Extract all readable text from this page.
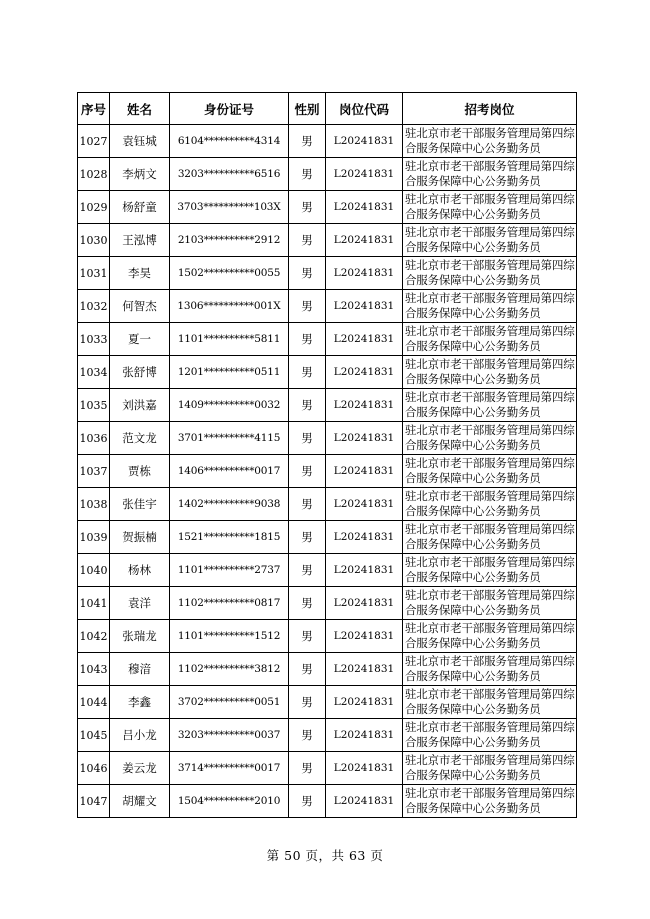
序号	姓名	身份证号	性别	岗位代码	招考岗位
1027	袁钰城	6104**********4314	男	L20241831	驻北京市老干部服务管理局第四综合服务保障中心公务勤务员
1028	李炳文	3203**********6516	男	L20241831	驻北京市老干部服务管理局第四综合服务保障中心公务勤务员
1029	杨舒童	3703**********103X	男	L20241831	驻北京市老干部服务管理局第四综合服务保障中心公务勤务员
1030	王泓博	2103**********2912	男	L20241831	驻北京市老干部服务管理局第四综合服务保障中心公务勤务员
1031	李昊	1502**********0055	男	L20241831	驻北京市老干部服务管理局第四综合服务保障中心公务勤务员
1032	何智杰	1306**********001X	男	L20241831	驻北京市老干部服务管理局第四综合服务保障中心公务勤务员
1033	夏一	1101**********5811	男	L20241831	驻北京市老干部服务管理局第四综合服务保障中心公务勤务员
1034	张舒博	1201**********0511	男	L20241831	驻北京市老干部服务管理局第四综合服务保障中心公务勤务员
1035	刘洪嘉	1409**********0032	男	L20241831	驻北京市老干部服务管理局第四综合服务保障中心公务勤务员
1036	范文龙	3701**********4115	男	L20241831	驻北京市老干部服务管理局第四综合服务保障中心公务勤务员
1037	贾栋	1406**********0017	男	L20241831	驻北京市老干部服务管理局第四综合服务保障中心公务勤务员
1038	张佳宇	1402**********9038	男	L20241831	驻北京市老干部服务管理局第四综合服务保障中心公务勤务员
1039	贺振楠	1521**********1815	男	L20241831	驻北京市老干部服务管理局第四综合服务保障中心公务勤务员
1040	杨林	1101**********2737	男	L20241831	驻北京市老干部服务管理局第四综合服务保障中心公务勤务员
1041	袁洋	1102**********0817	男	L20241831	驻北京市老干部服务管理局第四综合服务保障中心公务勤务员
1042	张瑞龙	1101**********1512	男	L20241831	驻北京市老干部服务管理局第四综合服务保障中心公务勤务员
1043	穆湆	1102**********3812	男	L20241831	驻北京市老干部服务管理局第四综合服务保障中心公务勤务员
1044	李鑫	3702**********0051	男	L20241831	驻北京市老干部服务管理局第四综合服务保障中心公务勤务员
1045	吕小龙	3203**********0037	男	L20241831	驻北京市老干部服务管理局第四综合服务保障中心公务勤务员
1046	姜云龙	3714**********0017	男	L20241831	驻北京市老干部服务管理局第四综合服务保障中心公务勤务员
1047	胡耀文	1504**********2010	男	L20241831	驻北京市老干部服务管理局第四综合服务保障中心公务勤务员
第 50 页，共 63 页
